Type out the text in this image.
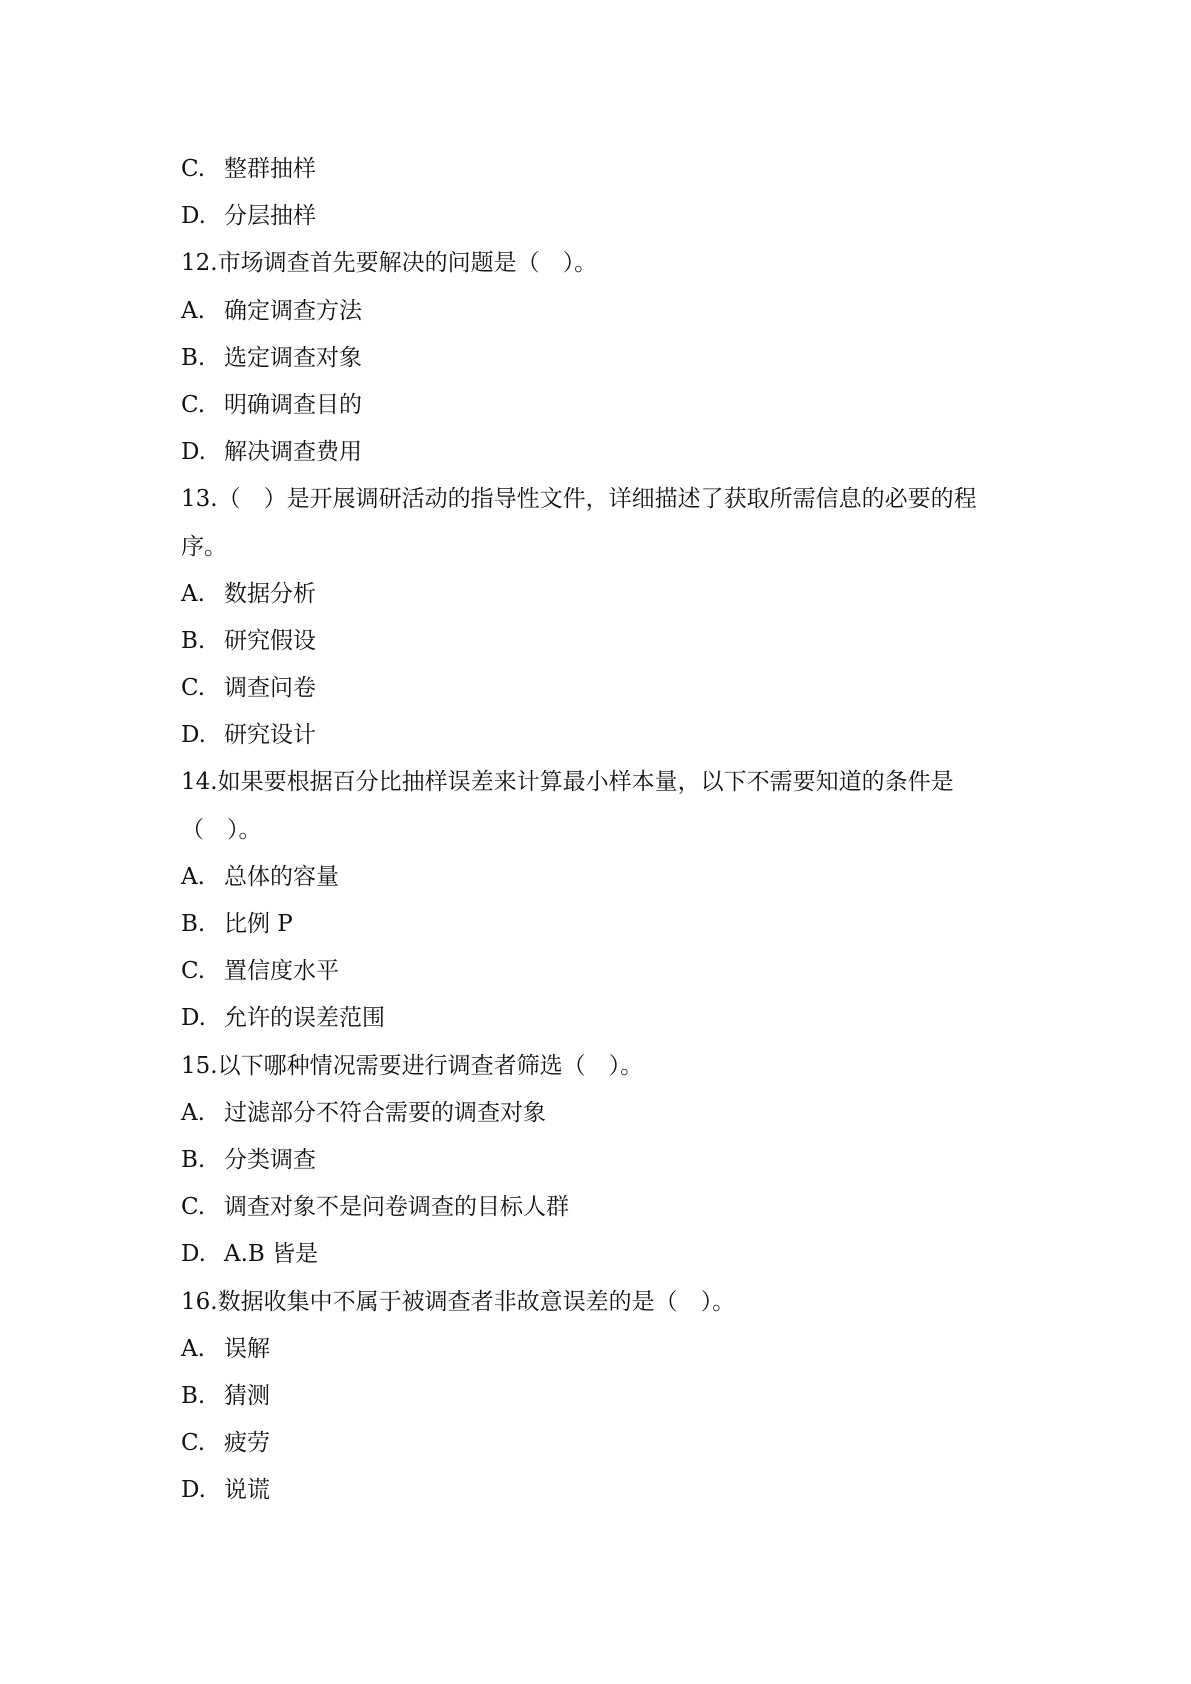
C. 整群抽样
D. 分层抽样
12.市场调查首先要解决的问题是（　）。
A. 确定调查方法
B. 选定调查对象
C. 明确调查目的
D. 解决调查费用
13.（　）是开展调研活动的指导性文件，详细描述了获取所需信息的必要的程
序。
A. 数据分析
B. 研究假设
C. 调查问卷
D. 研究设计
14.如果要根据百分比抽样误差来计算最小样本量，以下不需要知道的条件是
（　）。
A. 总体的容量
B. 比例 P
C. 置信度水平
D. 允许的误差范围
15.以下哪种情况需要进行调查者筛选（　）。
A. 过滤部分不符合需要的调查对象
B. 分类调查
C. 调查对象不是问卷调查的目标人群
D. A.B 皆是
16.数据收集中不属于被调查者非故意误差的是（　）。
A. 误解
B. 猜测
C. 疲劳
D. 说谎
